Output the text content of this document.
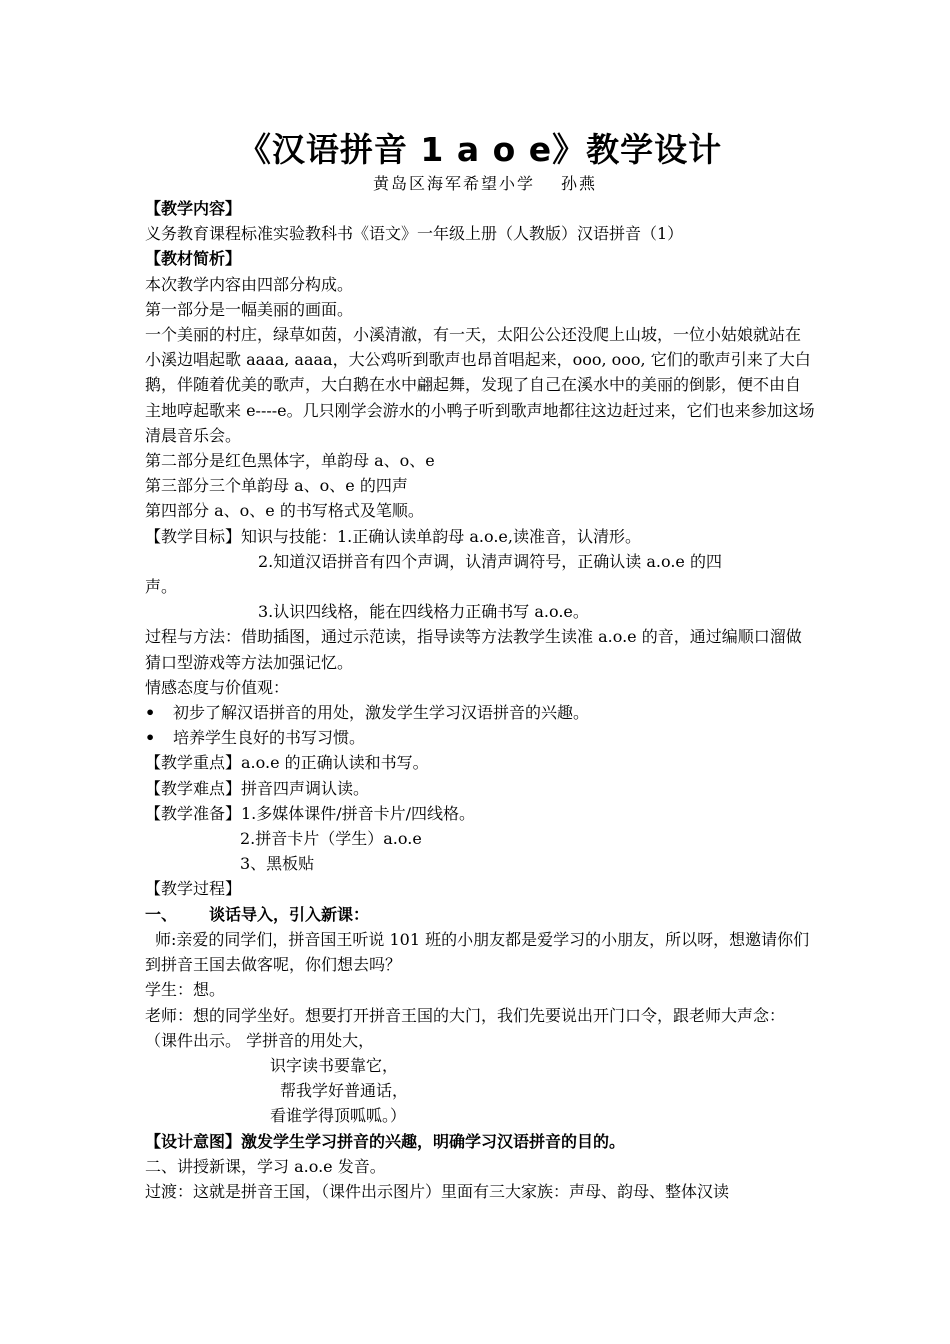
《汉语拼音 1 a o e》教学设计

黄岛区海军希望小学 孙燕

【教学内容】

义务教育课程标准实验教科书《语文》一年级上册（人教版）汉语拼音（1）

【教材简析】

本次教学内容由四部分构成。

第一部分是一幅美丽的画面。

一个美丽的村庄，绿草如茵，小溪清澈，有一天，太阳公公还没爬上山坡，一位小姑娘就站在小溪边唱起歌 aaaa, aaaa，大公鸡听到歌声也昂首唱起来，ooo, ooo, 它们的歌声引来了大白鹅，伴随着优美的歌声，大白鹅在水中翩起舞，发现了自己在溪水中的美丽的倒影，便不由自主地哼起歌来 e----e。几只刚学会游水的小鸭子听到歌声地都往这边赶过来，它们也来参加这场清晨音乐会。

第二部分是红色黑体字，单韵母 a、o、e

第三部分三个单韵母 a、o、e 的四声

第四部分 a、o、e 的书写格式及笔顺。

【教学目标】知识与技能：1.正确认读单韵母 a.o.e,读准音，认清形。

2.知道汉语拼音有四个声调，认清声调符号，正确认读 a.o.e 的四

声。

3.认识四线格，能在四线格力正确书写 a.o.e。

过程与方法：借助插图，通过示范读，指导读等方法教学生读准 a.o.e 的音，通过编顺口溜做猜口型游戏等方法加强记忆。

情感态度与价值观：

• 初步了解汉语拼音的用处，激发学生学习汉语拼音的兴趣。

• 培养学生良好的书写习惯。

【教学重点】a.o.e 的正确认读和书写。

【教学难点】拼音四声调认读。

【教学准备】1.多媒体课件/拼音卡片/四线格。

2.拼音卡片（学生）a.o.e

3、黑板贴

【教学过程】

一、 谈话导入，引入新课：

师:亲爱的同学们，拼音国王听说 101 班的小朋友都是爱学习的小朋友，所以呀，想邀请你们到拼音王国去做客呢，你们想去吗？

学生：想。

老师：想的同学坐好。想要打开拼音王国的大门，我们先要说出开门口令，跟老师大声念：

（课件出示。 学拼音的用处大，

识字读书要靠它，

帮我学好普通话，

看谁学得顶呱呱。）

【设计意图】激发学生学习拼音的兴趣，明确学习汉语拼音的目的。

二、讲授新课，学习 a.o.e 发音。

过渡：这就是拼音王国，（课件出示图片）里面有三大家族：声母、韵母、整体汉读
